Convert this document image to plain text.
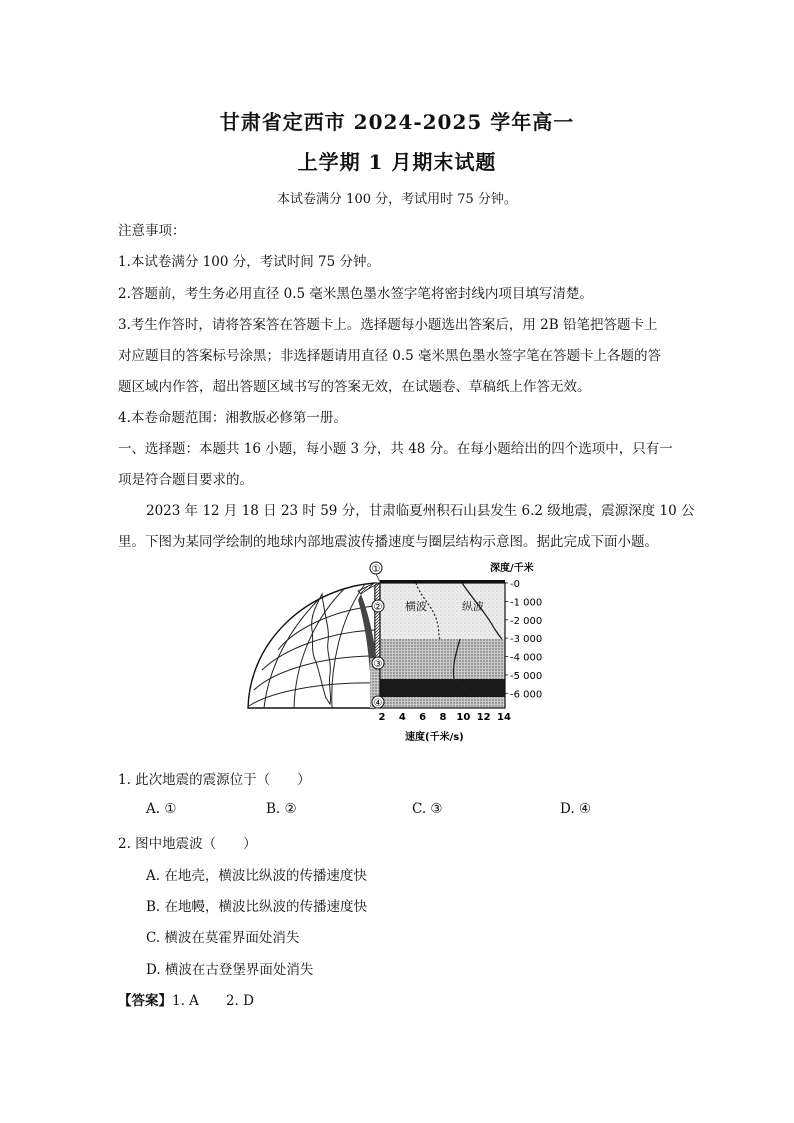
甘肃省定西市 2024-2025 学年高一
上学期 1 月期末试题
本试卷满分 100 分，考试用时 75 分钟。
注意事项：
1.本试卷满分 100 分，考试时间 75 分钟。
2.答题前，考生务必用直径 0.5 毫米黑色墨水签字笔将密封线内项目填写清楚。
3.考生作答时，请将答案答在答题卡上。选择题每小题选出答案后，用 2B 铅笔把答题卡上
对应题目的答案标号涂黑；非选择题请用直径 0.5 毫米黑色墨水签字笔在答题卡上各题的答
题区域内作答，超出答题区域书写的答案无效，在试题卷、草稿纸上作答无效。
4.本卷命题范围：湘教版必修第一册。
一、选择题：本题共 16 小题，每小题 3 分，共 48 分。在每小题给出的四个选项中，只有一
项是符合题目要求的。
2023 年 12 月 18 日 23 时 59 分，甘肃临夏州积石山县发生 6.2 级地震，震源深度 10 公
里。下图为某同学绘制的地球内部地震波传播速度与圈层结构示意图。据此完成下面小题。
横波	纵波
①
②
③
④
深度/千米
-0
-1 000
-2 000
-3 000
-4 000
-5 000
-6 000
2 4 6 8 10 12 14
速度(千米/s)
1. 此次地震的震源位于（　　）
A. ①	B. ②	C. ③	D. ④
2. 图中地震波（　　）
A. 在地壳，横波比纵波的传播速度快
B. 在地幔，横波比纵波的传播速度快
C. 横波在莫霍界面处消失
D. 横波在古登堡界面处消失
【答案】1. A　　2. D
